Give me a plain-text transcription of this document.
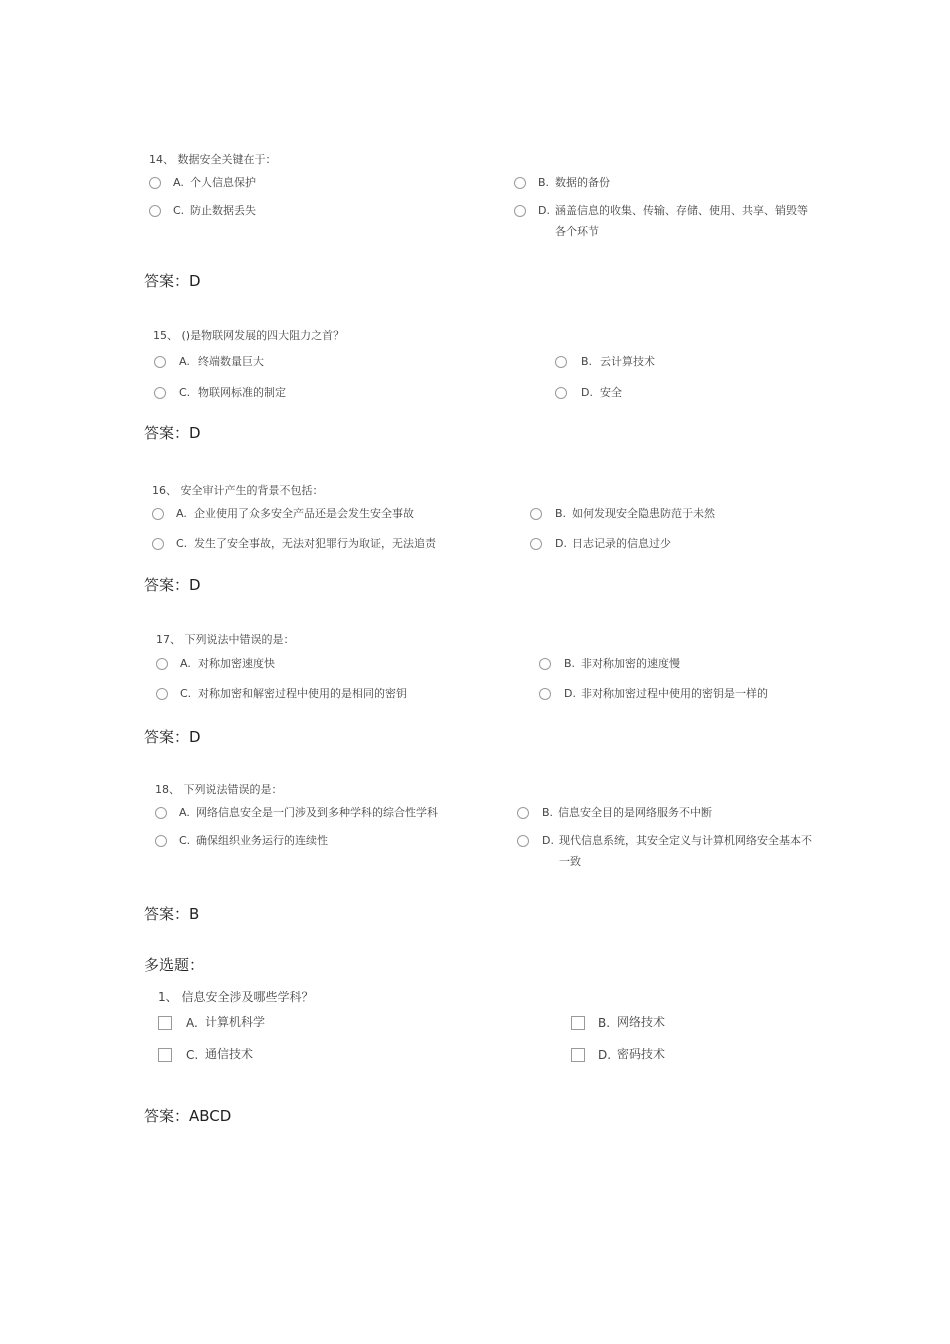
14、 数据安全关键在于：
A. 个人信息保护	B. 数据的备份
C. 防止数据丢失	D. 涵盖信息的收集、传输、存储、使用、共享、销毁等
各个环节
答案：D
15、 ()是物联网发展的四大阻力之首？
A. 终端数量巨大	B. 云计算技术
C. 物联网标准的制定	D. 安全
答案：D
16、 安全审计产生的背景不包括：
A. 企业使用了众多安全产品还是会发生安全事故	B. 如何发现安全隐患防范于未然
C. 发生了安全事故，无法对犯罪行为取证，无法追责	D. 日志记录的信息过少
答案：D
17、 下列说法中错误的是：
A. 对称加密速度快	B. 非对称加密的速度慢
C. 对称加密和解密过程中使用的是相同的密钥	D. 非对称加密过程中使用的密钥是一样的
答案：D
18、 下列说法错误的是：
A. 网络信息安全是一门涉及到多种学科的综合性学科	B. 信息安全目的是网络服务不中断
C. 确保组织业务运行的连续性	D. 现代信息系统，其安全定义与计算机网络安全基本不
一致
答案：B
多选题：
1、 信息安全涉及哪些学科？
A. 计算机科学	B. 网络技术
C. 通信技术	D. 密码技术
答案：ABCD
